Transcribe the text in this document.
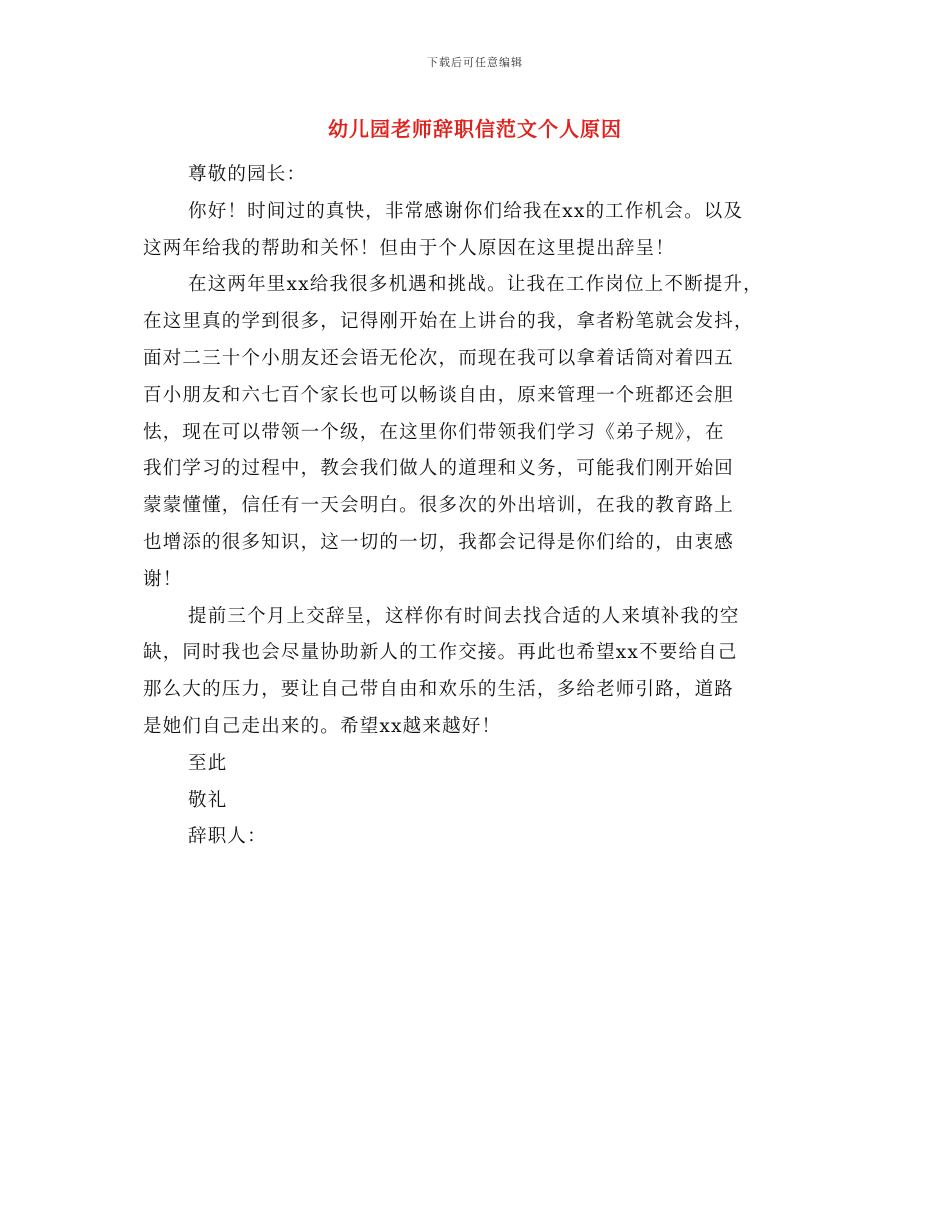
下载后可任意编辑
幼儿园老师辞职信范文个人原因
尊敬的园长：
你好！时间过的真快，非常感谢你们给我在xx的工作机会。以及
这两年给我的帮助和关怀！但由于个人原因在这里提出辞呈！
在这两年里xx给我很多机遇和挑战。让我在工作岗位上不断提升，
在这里真的学到很多，记得刚开始在上讲台的我，拿者粉笔就会发抖，
面对二三十个小朋友还会语无伦次，而现在我可以拿着话筒对着四五
百小朋友和六七百个家长也可以畅谈自由，原来管理一个班都还会胆
怯，现在可以带领一个级，在这里你们带领我们学习《弟子规》，在
我们学习的过程中，教会我们做人的道理和义务，可能我们刚开始回
蒙蒙懂懂，信任有一天会明白。很多次的外出培训，在我的教育路上
也增添的很多知识，这一切的一切，我都会记得是你们给的，由衷感
谢！
提前三个月上交辞呈，这样你有时间去找合适的人来填补我的空
缺，同时我也会尽量协助新人的工作交接。再此也希望xx不要给自己
那么大的压力，要让自己带自由和欢乐的生活，多给老师引路，道路
是她们自己走出来的。希望xx越来越好！
至此
敬礼
辞职人：
